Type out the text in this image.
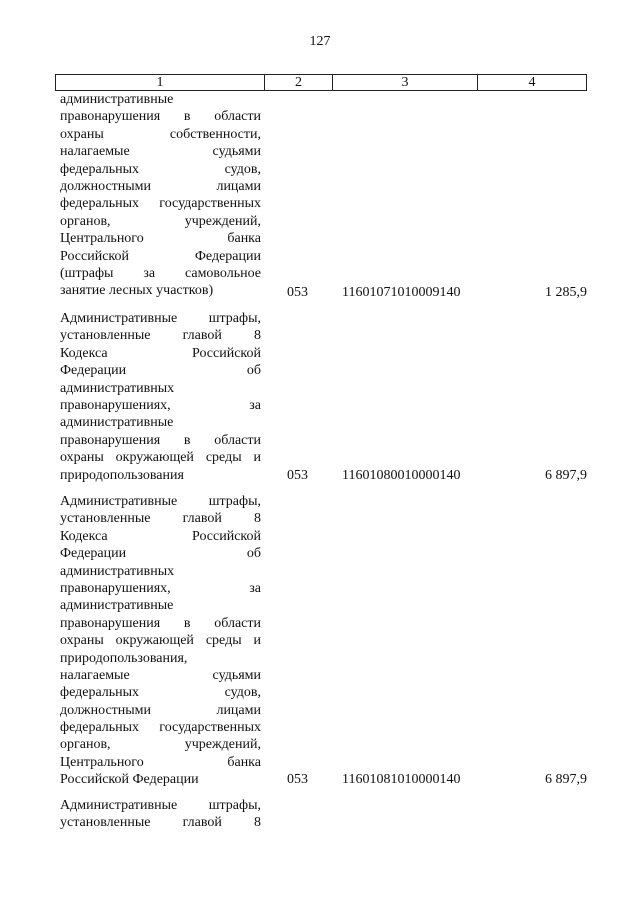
127
1	2	3	4
административные
правонарушения в области
охраны собственности,
налагаемые судьями
федеральных судов,
должностными лицами
федеральных государственных
органов, учреждений,
Центрального банка
Российской Федерации
(штрафы за самовольное
занятие лесных участков)	053	11601071010009140	1 285,9
Административные штрафы,
установленные главой 8
Кодекса Российской
Федерации об
административных
правонарушениях, за
административные
правонарушения в области
охраны окружающей среды и
природопользования	053	11601080010000140	6 897,9
Административные штрафы,
установленные главой 8
Кодекса Российской
Федерации об
административных
правонарушениях, за
административные
правонарушения в области
охраны окружающей среды и
природопользования,
налагаемые судьями
федеральных судов,
должностными лицами
федеральных государственных
органов, учреждений,
Центрального банка
Российской Федерации	053	11601081010000140	6 897,9
Административные штрафы,
установленные главой 8
